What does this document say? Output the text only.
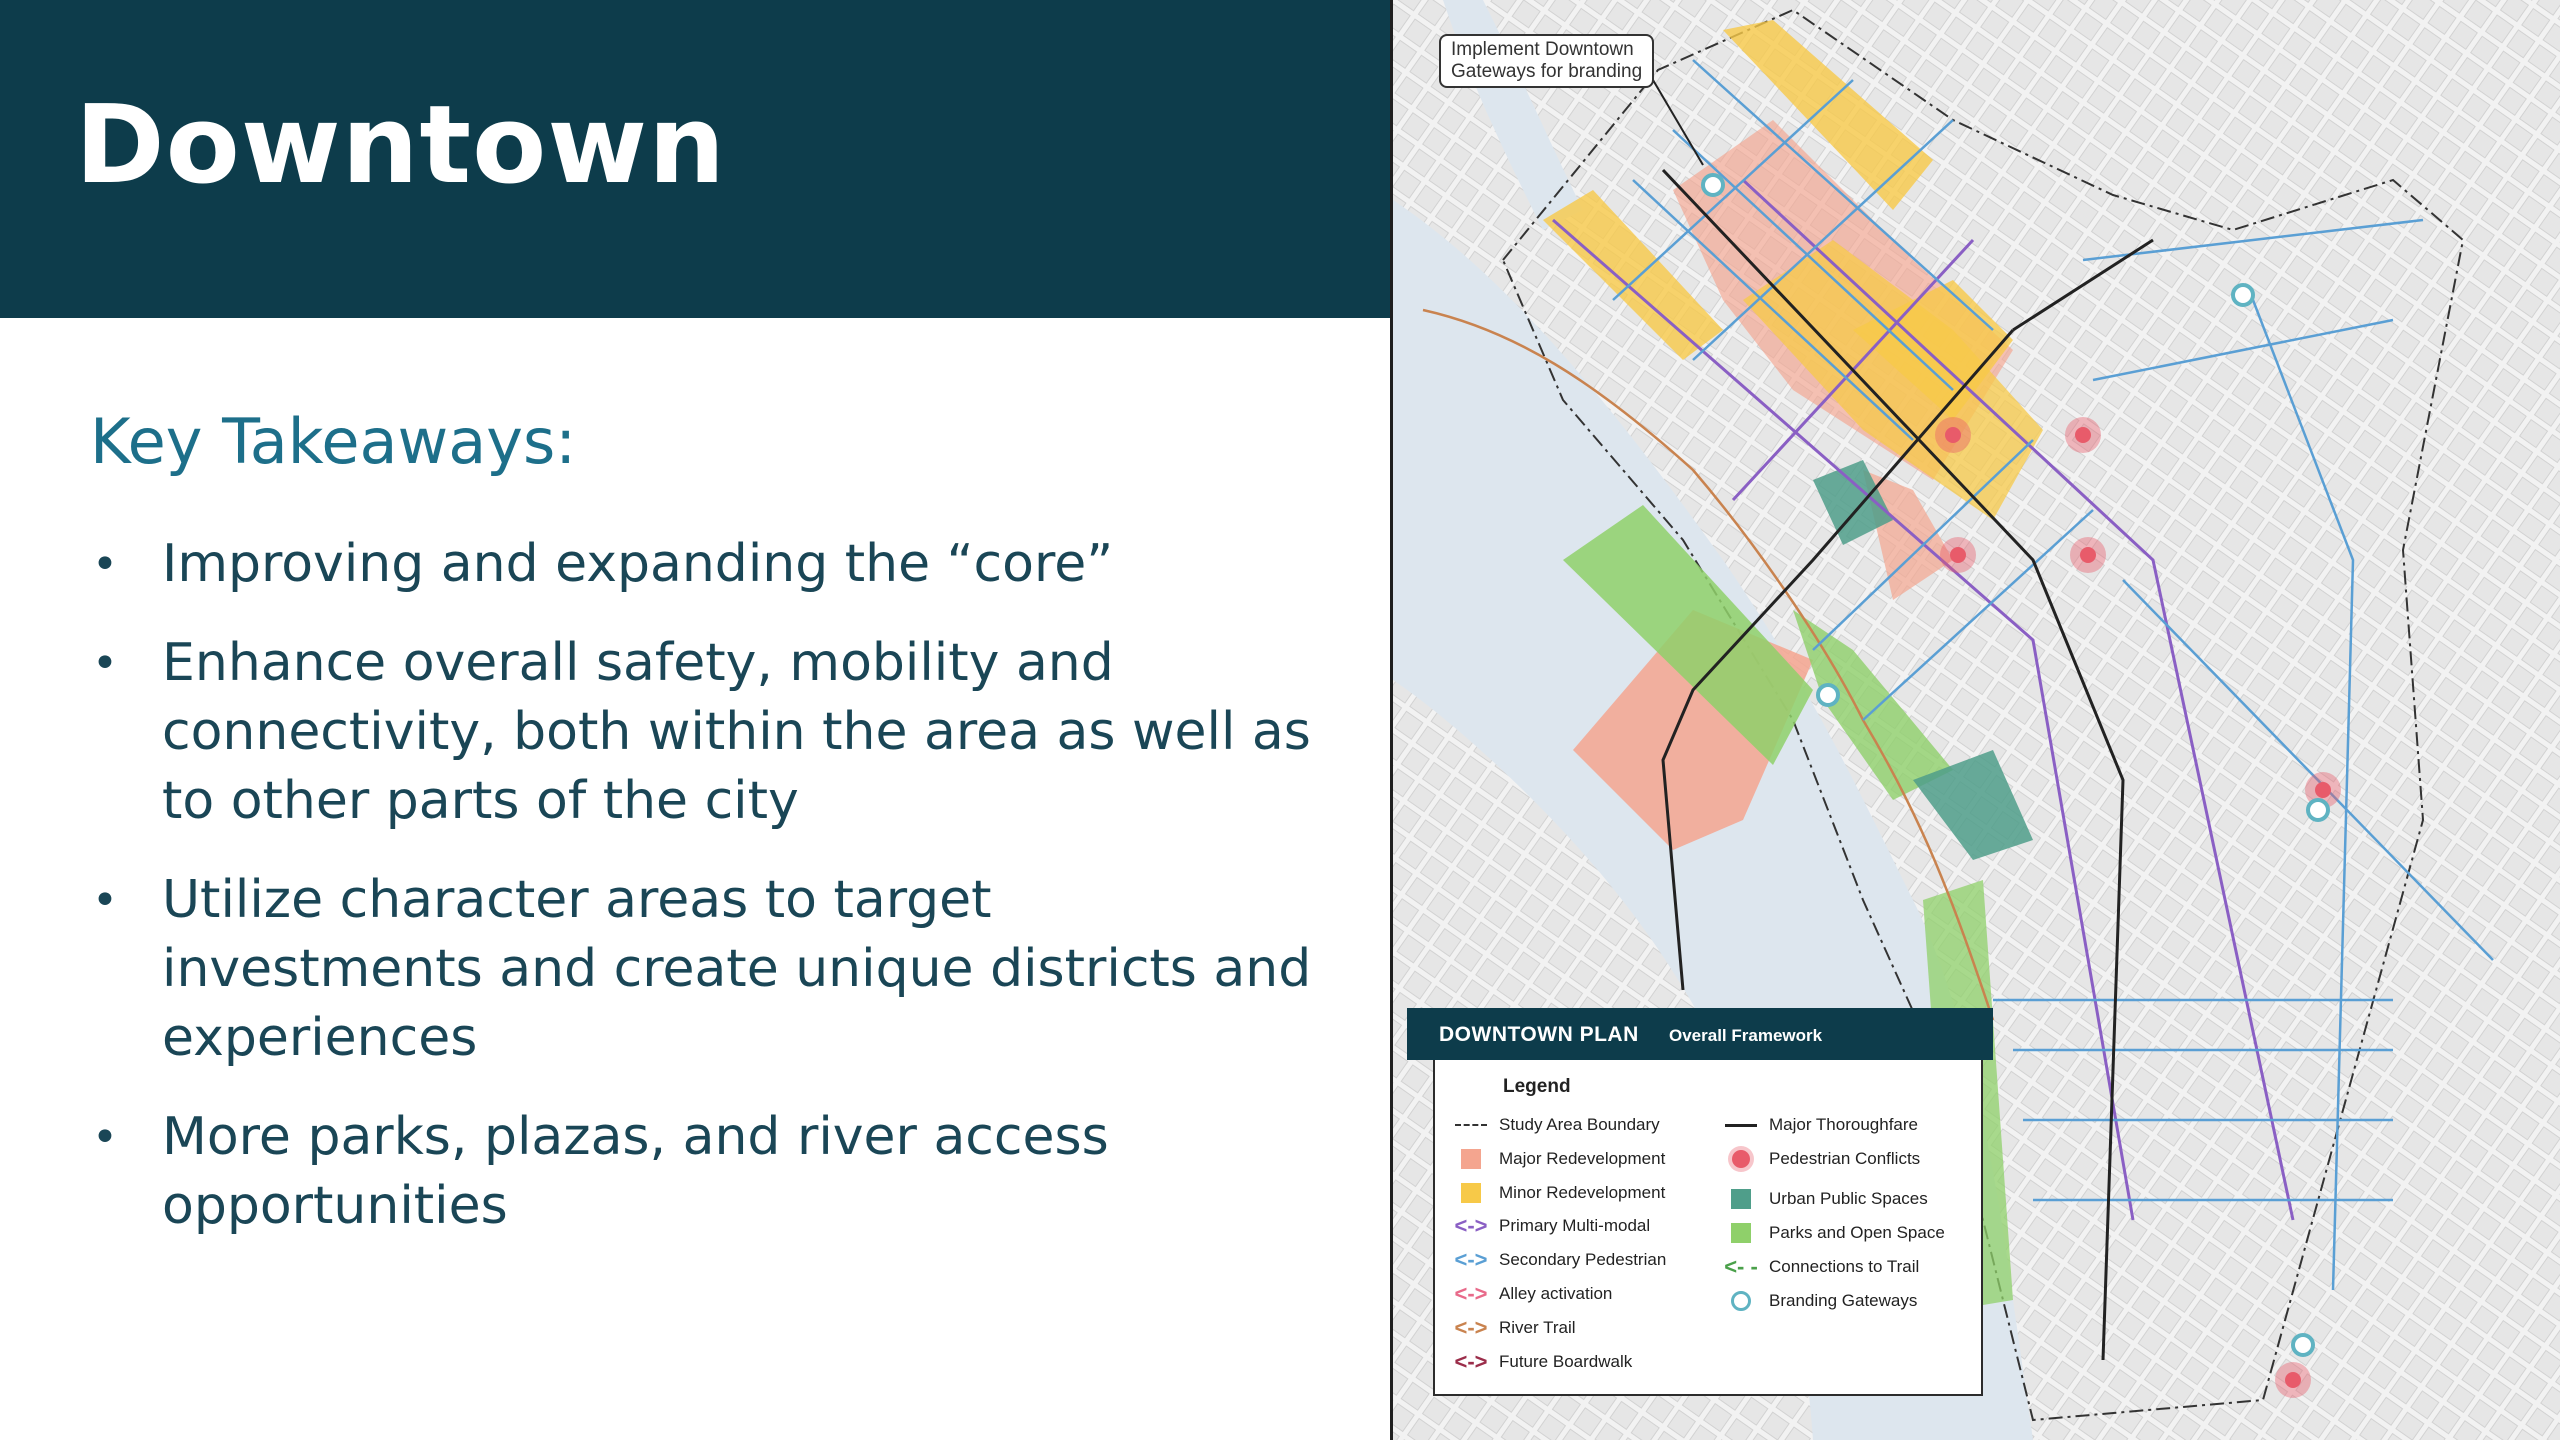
Downtown
Key Takeaways:
• Improving and expanding the “core”
• Enhance overall safety, mobility and
connectivity, both within the area as well as
to other parts of the city
• Utilize character areas to target
investments and create unique districts and
experiences
• More parks, plazas, and river access
opportunities
Implement Downtown
Gateways for branding
DOWNTOWN PLAN Overall Framework
Legend
Study Area Boundary
Major Redevelopment
Minor Redevelopment
<-> Primary Multi-modal
<-> Secondary Pedestrian
<-> Alley activation
<-> River Trail
<-> Future Boardwalk
Major Thoroughfare
Pedestrian Conflicts
Urban Public Spaces
Parks and Open Space
<- - Connections to Trail
Branding Gateways
